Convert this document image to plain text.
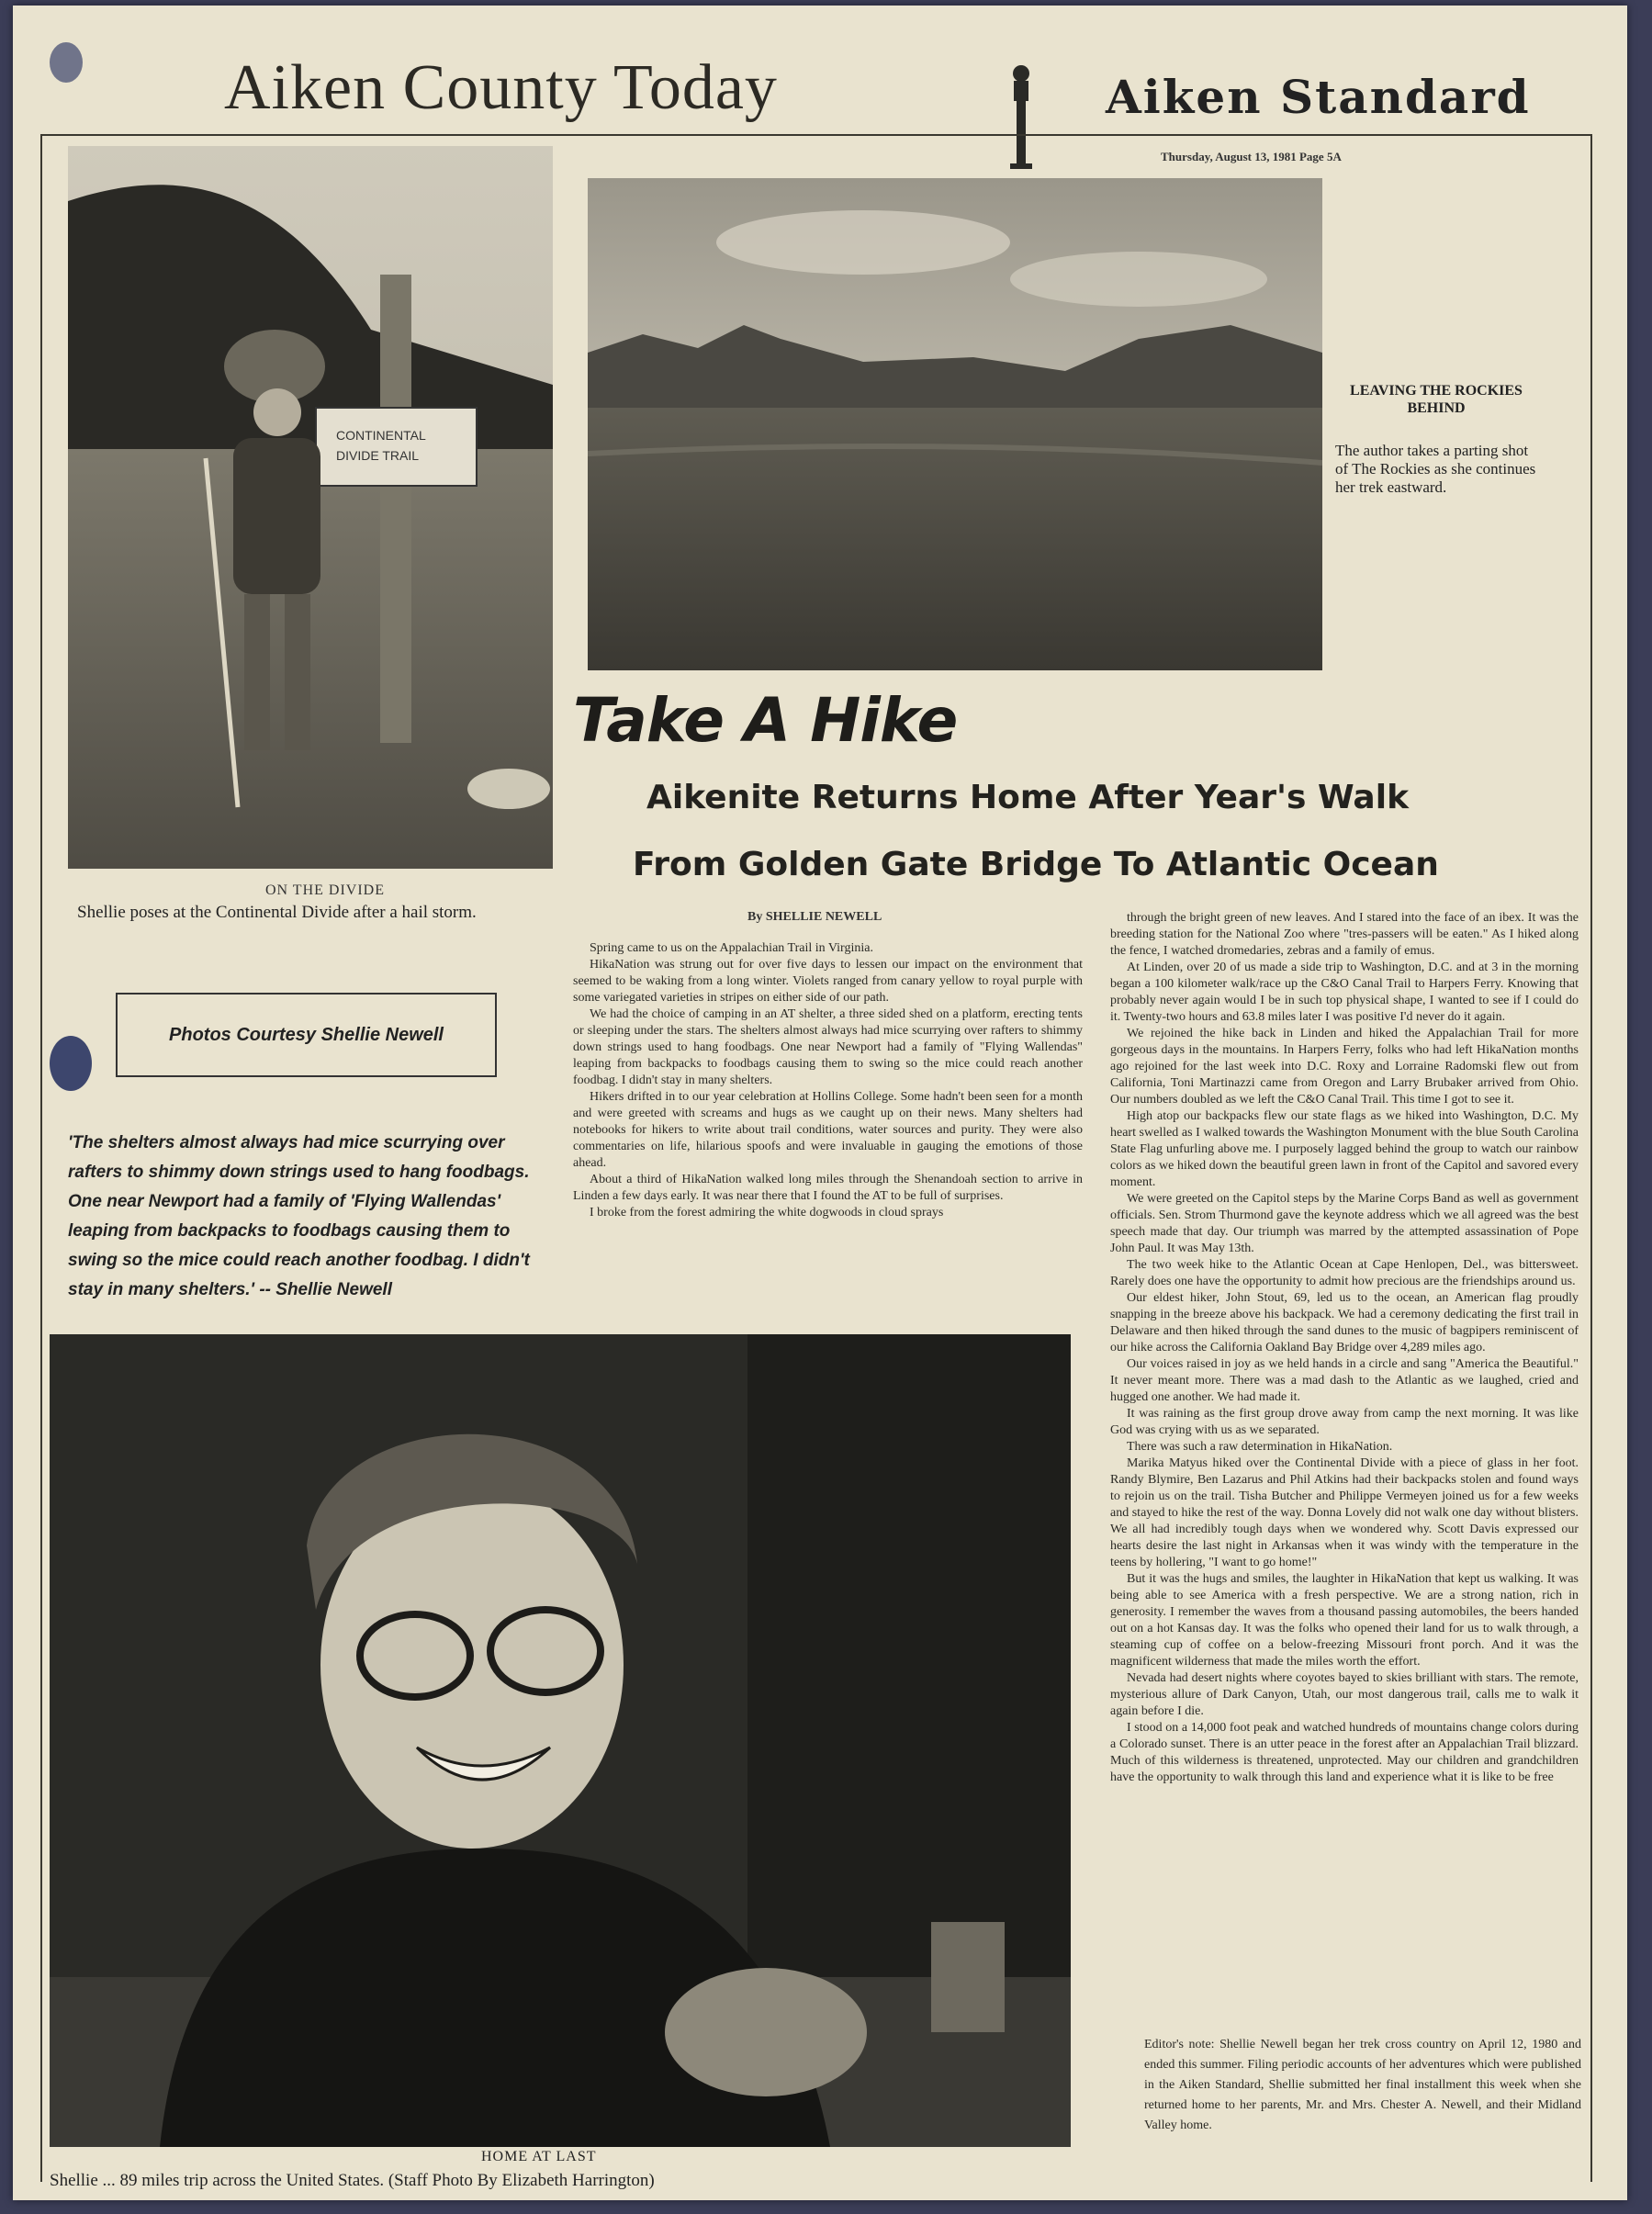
Aiken County Today	Aiken Standard
Thursday, August 13, 1981 Page 5A
CONTINENTAL
DIVIDE TRAIL
ON THE DIVIDE
Shellie poses at the Continental Divide after a hail storm.
LEAVING THE ROCKIES BEHIND
The author takes a parting shot of The Rockies as she continues her trek eastward.
Take A Hike
Aikenite Returns Home After Year's Walk
From Golden Gate Bridge To Atlantic Ocean
By SHELLIE NEWELL
Photos Courtesy Shellie Newell
'The shelters almost always had mice scurrying over rafters to shimmy down strings used to hang foodbags. One near Newport had a family of 'Flying Wallendas' leaping from backpacks to foodbags causing them to swing so the mice could reach another foodbag. I didn't stay in many shelters.' -- Shellie Newell

Spring came to us on the Appalachian Trail in Virginia.

HikaNation was strung out for over five days to lessen our impact on the environment that seemed to be waking from a long winter. Violets ranged from canary yellow to royal purple with some variegated varieties in stripes on either side of our path.

We had the choice of camping in an AT shelter, a three sided shed on a platform, erecting tents or sleeping under the stars. The shelters almost always had mice scurrying over rafters to shimmy down strings used to hang foodbags. One near Newport had a family of "Flying Wallendas" leaping from backpacks to foodbags causing them to swing so the mice could reach another foodbag. I didn't stay in many shelters.

Hikers drifted in to our year celebration at Hollins College. Some hadn't been seen for a month and were greeted with screams and hugs as we caught up on their news. Many shelters had notebooks for hikers to write about trail conditions, water sources and purity. They were also commentaries on life, hilarious spoofs and were invaluable in gauging the emotions of those ahead.

About a third of HikaNation walked long miles through the Shenandoah section to arrive in Linden a few days early. It was near there that I found the AT to be full of surprises.

I broke from the forest admiring the white dogwoods in cloud sprays

through the bright green of new leaves. And I stared into the face of an ibex. It was the breeding station for the National Zoo where "tres-passers will be eaten." As I hiked along the fence, I watched dromedaries, zebras and a family of emus.

At Linden, over 20 of us made a side trip to Washington, D.C. and at 3 in the morning began a 100 kilometer walk/race up the C&O Canal Trail to Harpers Ferry. Knowing that probably never again would I be in such top physical shape, I wanted to see if I could do it. Twenty-two hours and 63.8 miles later I was positive I'd never do it again.

We rejoined the hike back in Linden and hiked the Appalachian Trail for more gorgeous days in the mountains. In Harpers Ferry, folks who had left HikaNation months ago rejoined for the last week into D.C. Roxy and Lorraine Radomski flew out from California, Toni Martinazzi came from Oregon and Larry Brubaker arrived from Ohio. Our numbers doubled as we left the C&O Canal Trail. This time I got to see it.

High atop our backpacks flew our state flags as we hiked into Washington, D.C. My heart swelled as I walked towards the Washington Monument with the blue South Carolina State Flag unfurling above me. I purposely lagged behind the group to watch our rainbow colors as we hiked down the beautiful green lawn in front of the Capitol and savored every moment.

We were greeted on the Capitol steps by the Marine Corps Band as well as government officials. Sen. Strom Thurmond gave the keynote address which we all agreed was the best speech made that day. Our triumph was marred by the attempted assassination of Pope John Paul. It was May 13th.

The two week hike to the Atlantic Ocean at Cape Henlopen, Del., was bittersweet. Rarely does one have the opportunity to admit how precious are the friendships around us.

Our eldest hiker, John Stout, 69, led us to the ocean, an American flag proudly snapping in the breeze above his backpack. We had a ceremony dedicating the first trail in Delaware and then hiked through the sand dunes to the music of bagpipers reminiscent of our hike across the California Oakland Bay Bridge over 4,289 miles ago.

Our voices raised in joy as we held hands in a circle and sang "America the Beautiful." It never meant more. There was a mad dash to the Atlantic as we laughed, cried and hugged one another. We had made it.

It was raining as the first group drove away from camp the next morning. It was like God was crying with us as we separated.

There was such a raw determination in HikaNation.

Marika Matyus hiked over the Continental Divide with a piece of glass in her foot. Randy Blymire, Ben Lazarus and Phil Atkins had their backpacks stolen and found ways to rejoin us on the trail. Tisha Butcher and Philippe Vermeyen joined us for a few weeks and stayed to hike the rest of the way. Donna Lovely did not walk one day without blisters. We all had incredibly tough days when we wondered why. Scott Davis expressed our hearts desire the last night in Arkansas when it was windy with the temperature in the teens by hollering, "I want to go home!"

But it was the hugs and smiles, the laughter in HikaNation that kept us walking. It was being able to see America with a fresh perspective. We are a strong nation, rich in generosity. I remember the waves from a thousand passing automobiles, the beers handed out on a hot Kansas day. It was the folks who opened their land for us to walk through, a steaming cup of coffee on a below-freezing Missouri front porch. And it was the magnificent wilderness that made the miles worth the effort.

Nevada had desert nights where coyotes bayed to skies brilliant with stars. The remote, mysterious allure of Dark Canyon, Utah, our most dangerous trail, calls me to walk it again before I die.

I stood on a 14,000 foot peak and watched hundreds of mountains change colors during a Colorado sunset. There is an utter peace in the forest after an Appalachian Trail blizzard. Much of this wilderness is threatened, unprotected. May our children and grandchildren have the opportunity to walk through this land and experience what it is like to be free

HOME AT LAST
Shellie ... 89 miles trip across the United States. (Staff Photo By Elizabeth Harrington)
Editor's note: Shellie Newell began her trek cross country on April 12, 1980 and ended this summer. Filing periodic accounts of her adventures which were published in the Aiken Standard, Shellie submitted her final installment this week when she returned home to her parents, Mr. and Mrs. Chester A. Newell, and their Midland Valley home.
